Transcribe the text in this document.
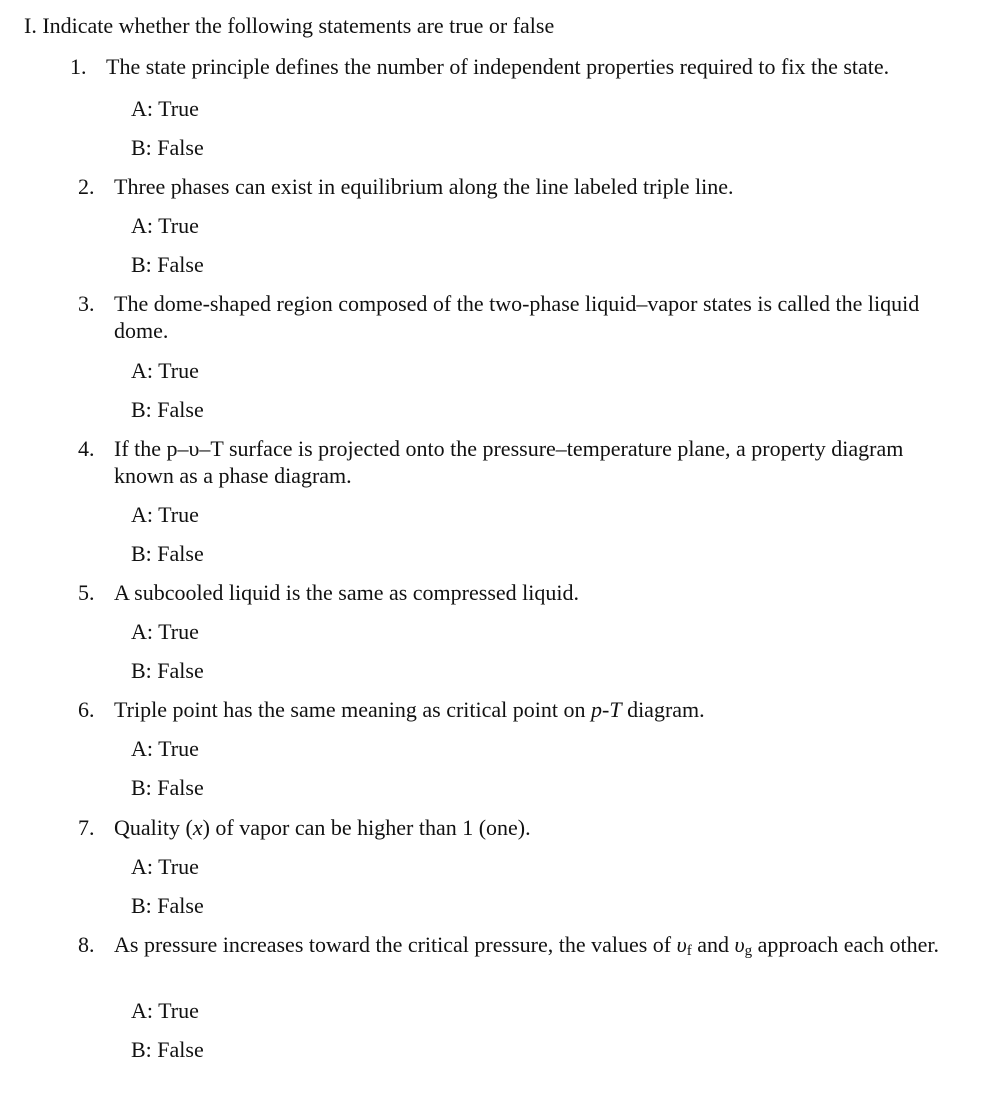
I. Indicate whether the following statements are true or false
1. The state principle defines the number of independent properties required to fix the state.
A: True
B: False
2. Three phases can exist in equilibrium along the line labeled triple line.
A: True
B: False
3. The dome-shaped region composed of the two-phase liquid–vapor states is called the liquid dome.
A: True
B: False
4. If the p–υ–T surface is projected onto the pressure–temperature plane, a property diagram known as a phase diagram.
A: True
B: False
5. A subcooled liquid is the same as compressed liquid.
A: True
B: False
6. Triple point has the same meaning as critical point on p-T diagram.
A: True
B: False
7. Quality (x) of vapor can be higher than 1 (one).
A: True
B: False
8. As pressure increases toward the critical pressure, the values of $\upsilon_f$ and $\upsilon_g$ approach each other.
A: True
B: False
